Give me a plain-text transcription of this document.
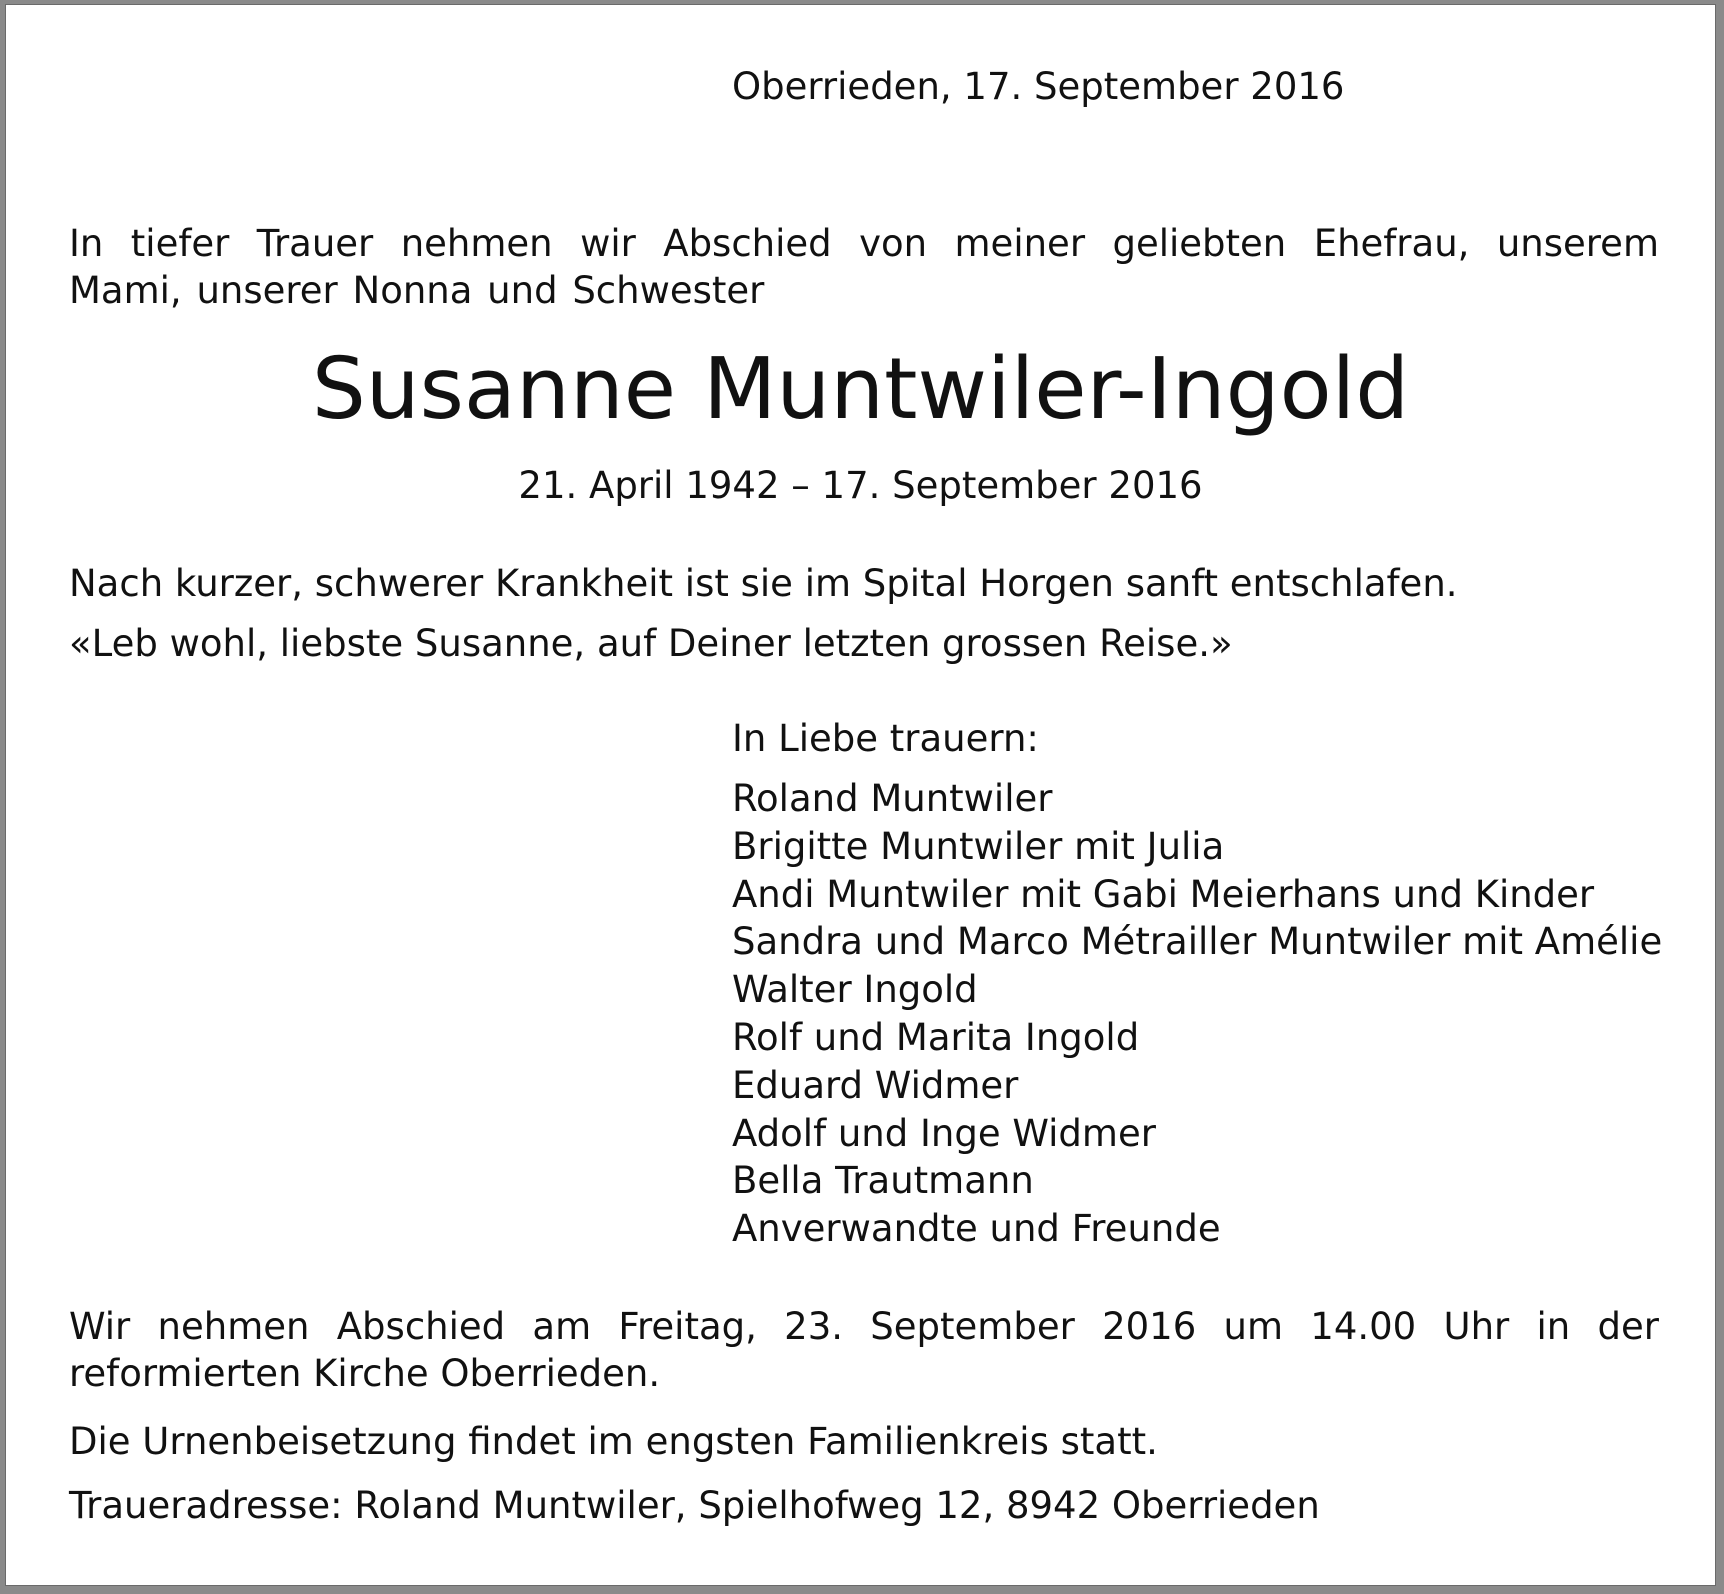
Oberrieden, 17. September 2016

In tiefer Trauer nehmen wir Abschied von meiner geliebten Ehefrau, unserem Mami, unserer Nonna und Schwester

Susanne Muntwiler-Ingold

21. April 1942 – 17. September 2016

Nach kurzer, schwerer Krankheit ist sie im Spital Horgen sanft entschlafen.

«Leb wohl, liebste Susanne, auf Deiner letzten grossen Reise.»

In Liebe trauern:

Roland Muntwiler
Brigitte Muntwiler mit Julia
Andi Muntwiler mit Gabi Meierhans und Kinder
Sandra und Marco Métrailler Muntwiler mit Amélie
Walter Ingold
Rolf und Marita Ingold
Eduard Widmer
Adolf und Inge Widmer
Bella Trautmann
Anverwandte und Freunde

Wir nehmen Abschied am Freitag, 23. September 2016 um 14.00 Uhr in der reformierten Kirche Oberrieden.

Die Urnenbeisetzung findet im engsten Familienkreis statt.

Traueradresse: Roland Muntwiler, Spielhofweg 12, 8942 Oberrieden
